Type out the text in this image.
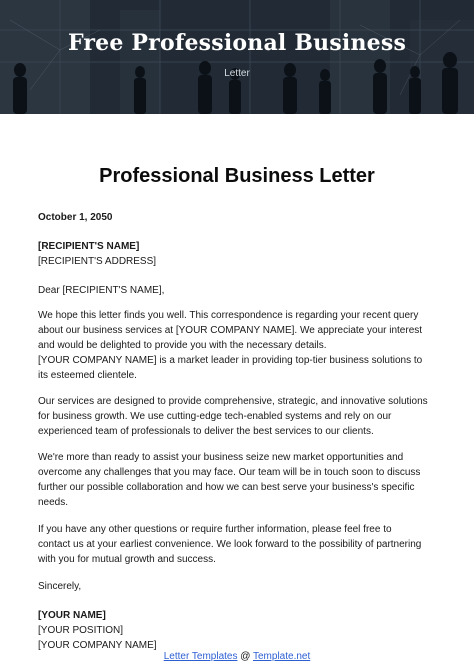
Free Professional Business
Letter
Professional Business Letter
October 1, 2050
[RECIPIENT'S NAME]
[RECIPIENT'S ADDRESS]
Dear [RECIPIENT'S NAME],
We hope this letter finds you well. This correspondence is regarding your recent query
about our business services at [YOUR COMPANY NAME]. We appreciate your interest
and would be delighted to provide you with the necessary details.
[YOUR COMPANY NAME] is a market leader in providing top-tier business solutions to
its esteemed clientele.
Our services are designed to provide comprehensive, strategic, and innovative solutions
for business growth. We use cutting-edge tech-enabled systems and rely on our
experienced team of professionals to deliver the best services to our clients.
We're more than ready to assist your business seize new market opportunities and
overcome any challenges that you may face. Our team will be in touch soon to discuss
further our possible collaboration and how we can best serve your business's specific
needs.
If you have any other questions or require further information, please feel free to
contact us at your earliest convenience. We look forward to the possibility of partnering
with you for mutual growth and success.
Sincerely,
[YOUR NAME]
[YOUR POSITION]
[YOUR COMPANY NAME]
Letter Templates @ Template.net
